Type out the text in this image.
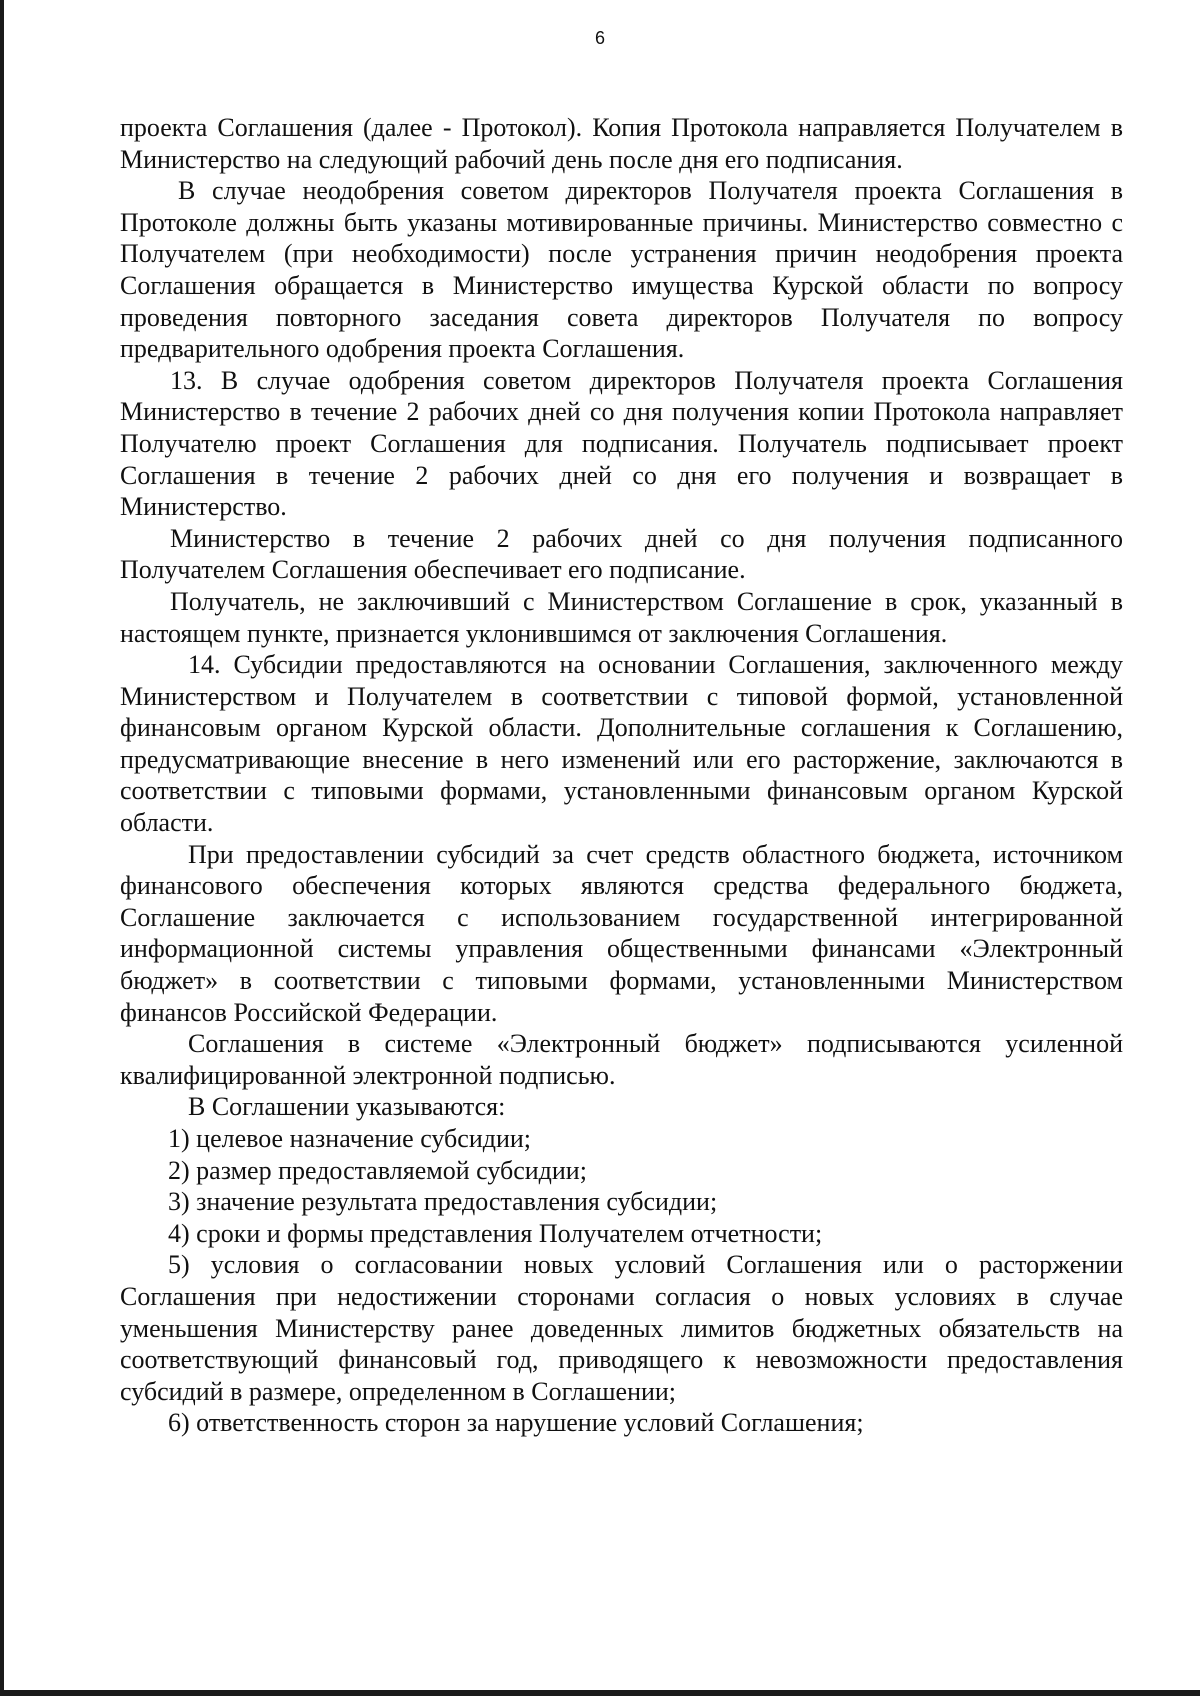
6

проекта Соглашения (далее - Протокол). Копия Протокола направляется Получателем в Министерство на следующий рабочий день после дня его подписания.

В случае неодобрения советом директоров Получателя проекта Соглашения в Протоколе должны быть указаны мотивированные причины. Министерство совместно с Получателем (при необходимости) после устранения причин неодобрения проекта Соглашения обращается в Министерство имущества Курской области по вопросу проведения повторного заседания совета директоров Получателя по вопросу предварительного одобрения проекта Соглашения.

13. В случае одобрения советом директоров Получателя проекта Соглашения Министерство в течение 2 рабочих дней со дня получения копии Протокола направляет Получателю проект Соглашения для подписания. Получатель подписывает проект Соглашения в течение 2 рабочих дней со дня его получения и возвращает в Министерство.

Министерство в течение 2 рабочих дней со дня получения подписанного Получателем Соглашения обеспечивает его подписание.

Получатель, не заключивший с Министерством Соглашение в срок, указанный в настоящем пункте, признается уклонившимся от заключения Соглашения.

14. Субсидии предоставляются на основании Соглашения, заключенного между Министерством и Получателем в соответствии с типовой формой, установленной финансовым органом Курской области. Дополнительные соглашения к Соглашению, предусматривающие внесение в него изменений или его расторжение, заключаются в соответствии с типовыми формами, установленными финансовым органом Курской области.

При предоставлении субсидий за счет средств областного бюджета, источником финансового обеспечения которых являются средства федерального бюджета, Соглашение заключается с использованием государственной интегрированной информационной системы управления общественными финансами «Электронный бюджет» в соответствии с типовыми формами, установленными Министерством финансов Российской Федерации.

Соглашения в системе «Электронный бюджет» подписываются усиленной квалифицированной электронной подписью.

В Соглашении указываются:

1) целевое назначение субсидии;

2) размер предоставляемой субсидии;

3) значение результата предоставления субсидии;

4) сроки и формы представления Получателем отчетности;

5) условия о согласовании новых условий Соглашения или о расторжении Соглашения при недостижении сторонами согласия о новых условиях в случае уменьшения Министерству ранее доведенных лимитов бюджетных обязательств на соответствующий финансовый год, приводящего к невозможности предоставления субсидий в размере, определенном в Соглашении;

6) ответственность сторон за нарушение условий Соглашения;
